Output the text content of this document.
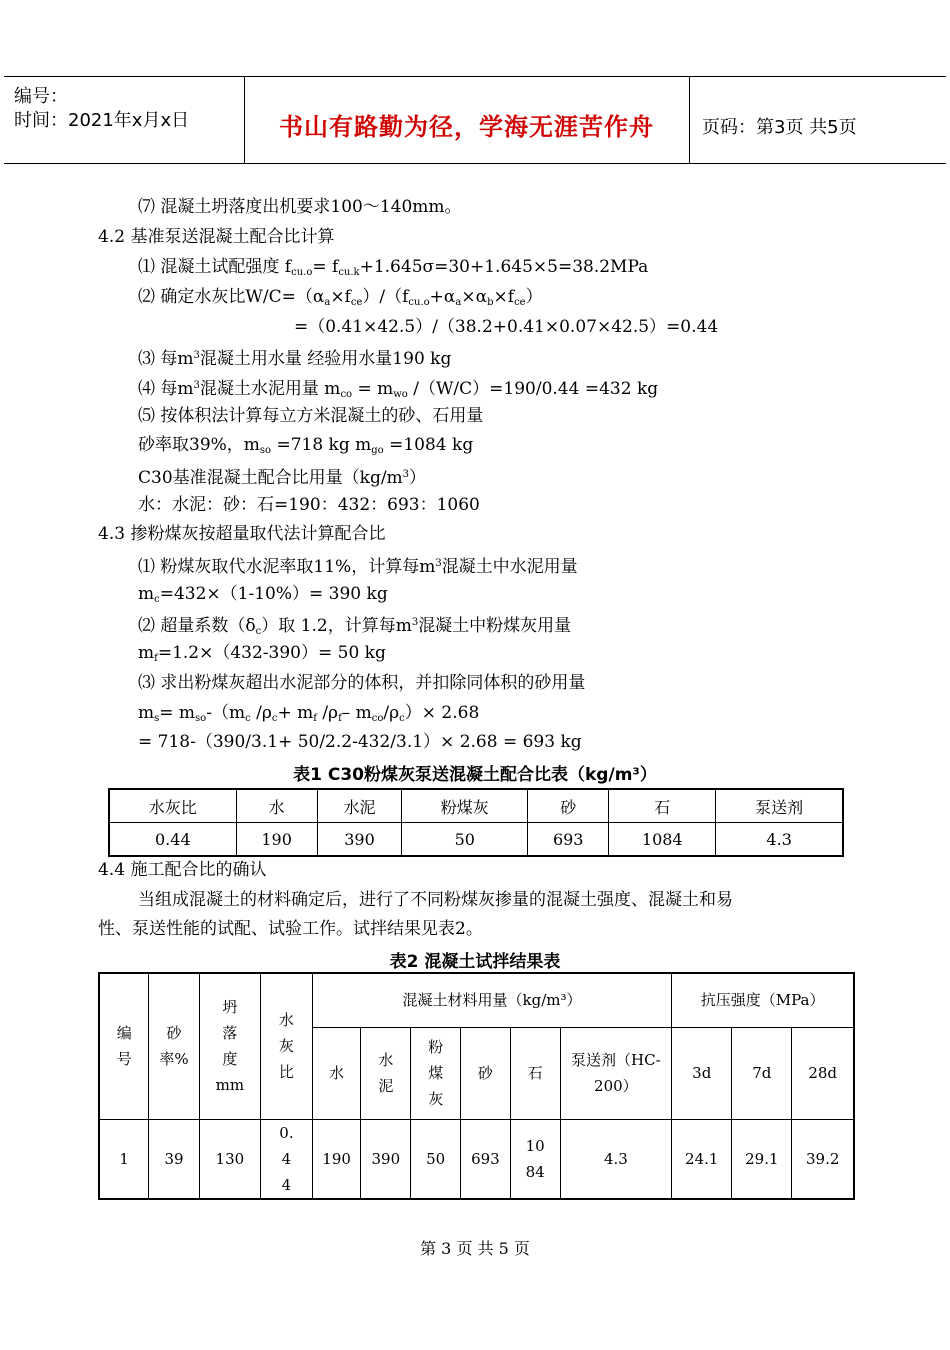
编号：
时间：2021年x月x日	书山有路勤为径，学海无涯苦作舟	页码：第3页 共5页
⑺ 混凝土坍落度出机要求100～140mm。
4.2 基准泵送混凝土配合比计算
⑴ 混凝土试配强度 $f_{cu.o}= f_{cu.k}+1.645\sigma=30+1.645\times 5=38.2MPa$
⑵ 确定水灰比$W/C=(\alpha_a\times f_{ce})/(f_{cu.o}+\alpha_a\times\alpha_b\times f_{ce})$
=（0.41×42.5）/（38.2+0.41×0.07×42.5）=0.44
⑶ 每$m^3$混凝土用水量 经验用水量190 kg
⑷ 每$m^3$混凝土水泥用量 $m_{co} = m_{wo}$ /（W/C）=190/0.44 =432 kg
⑸ 按体积法计算每立方米混凝土的砂、石用量
砂率取39%，$m_{so} =718$ kg $m_{go} =1084$ kg
C30基准混凝土配合比用量$(kg/m^3)$
水：水泥：砂：石=190：432：693：1060
4.3 掺粉煤灰按超量取代法计算配合比
⑴ 粉煤灰取代水泥率取11%，计算每$m^3$混凝土中水泥用量
$m_c=432\times(1-10\%)= 390$ kg
⑵ 超量系数$(\delta_c)$取 1.2，计算每$m^3$混凝土中粉煤灰用量
$m_f=1.2\times(432-390)= 50$ kg
⑶ 求出粉煤灰超出水泥部分的体积，并扣除同体积的砂用量
$m_s= m_{so}-(m_c$ $/\rho_c+ m_f$ $/\rho_f-$ $m_{co}/\rho_c)\times 2.68$
= 718-（390/3.1+ 50/2.2-432/3.1）× 2.68 = 693 kg
表1 C30粉煤灰泵送混凝土配合比表（kg/m³）
水灰比	水	水泥	粉煤灰	砂	石	泵送剂
0.44	190	390	50	693	1084	4.3
4.4 施工配合比的确认
当组成混凝土的材料确定后，进行了不同粉煤灰掺量的混凝土强度、混凝土和易
性、泵送性能的试配、试验工作。试拌结果见表2。
表2 混凝土试拌结果表
编号	砂率%	坍落度mm	水灰比	混凝土材料用量（kg/m³）						抗压强度（MPa）		
				水	水泥	粉煤灰	砂	石	泵送剂（HC-200）	3d	7d	28d
1	39	130	0.44	190	390	50	693	1084	4.3	24.1	29.1	39.2
第 3 页 共 5 页
